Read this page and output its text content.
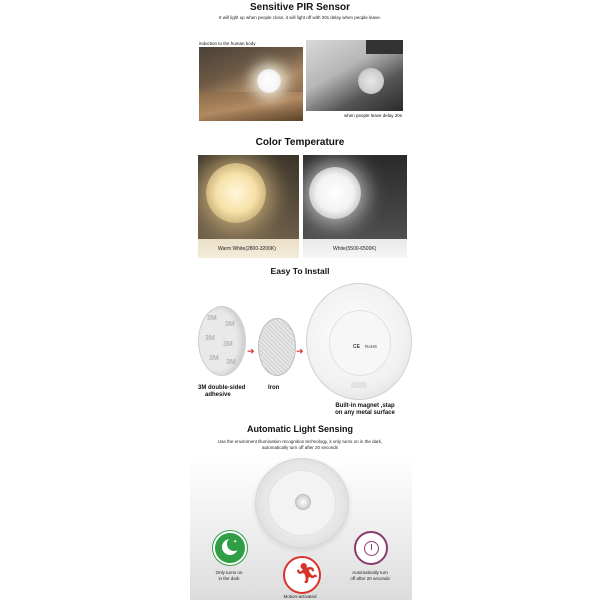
Sensitive PIR Sensor
It will light up when people close, it will light off with 20s delay when people leave.
induction to the human body
when people leave delay 20s
Color Temperature
Warm White(2800-3200K)	White(5500-6500K)
Easy To Install
3M
3M
3M
3M
3M
3M
➜	➜	CE RoHS
3M double-sided
adhesive
Iron
Built-in magnet ,stap
on any metal surface
Automatic Light Sensing
Use the enviroment Illumination recognition technology, it only turns on in the dark,
automatically turn off after 20 seconds
✦
Only turns on
in the dark
Automatically turn
off after 20 seconds
🏃︎
Motion-activated
